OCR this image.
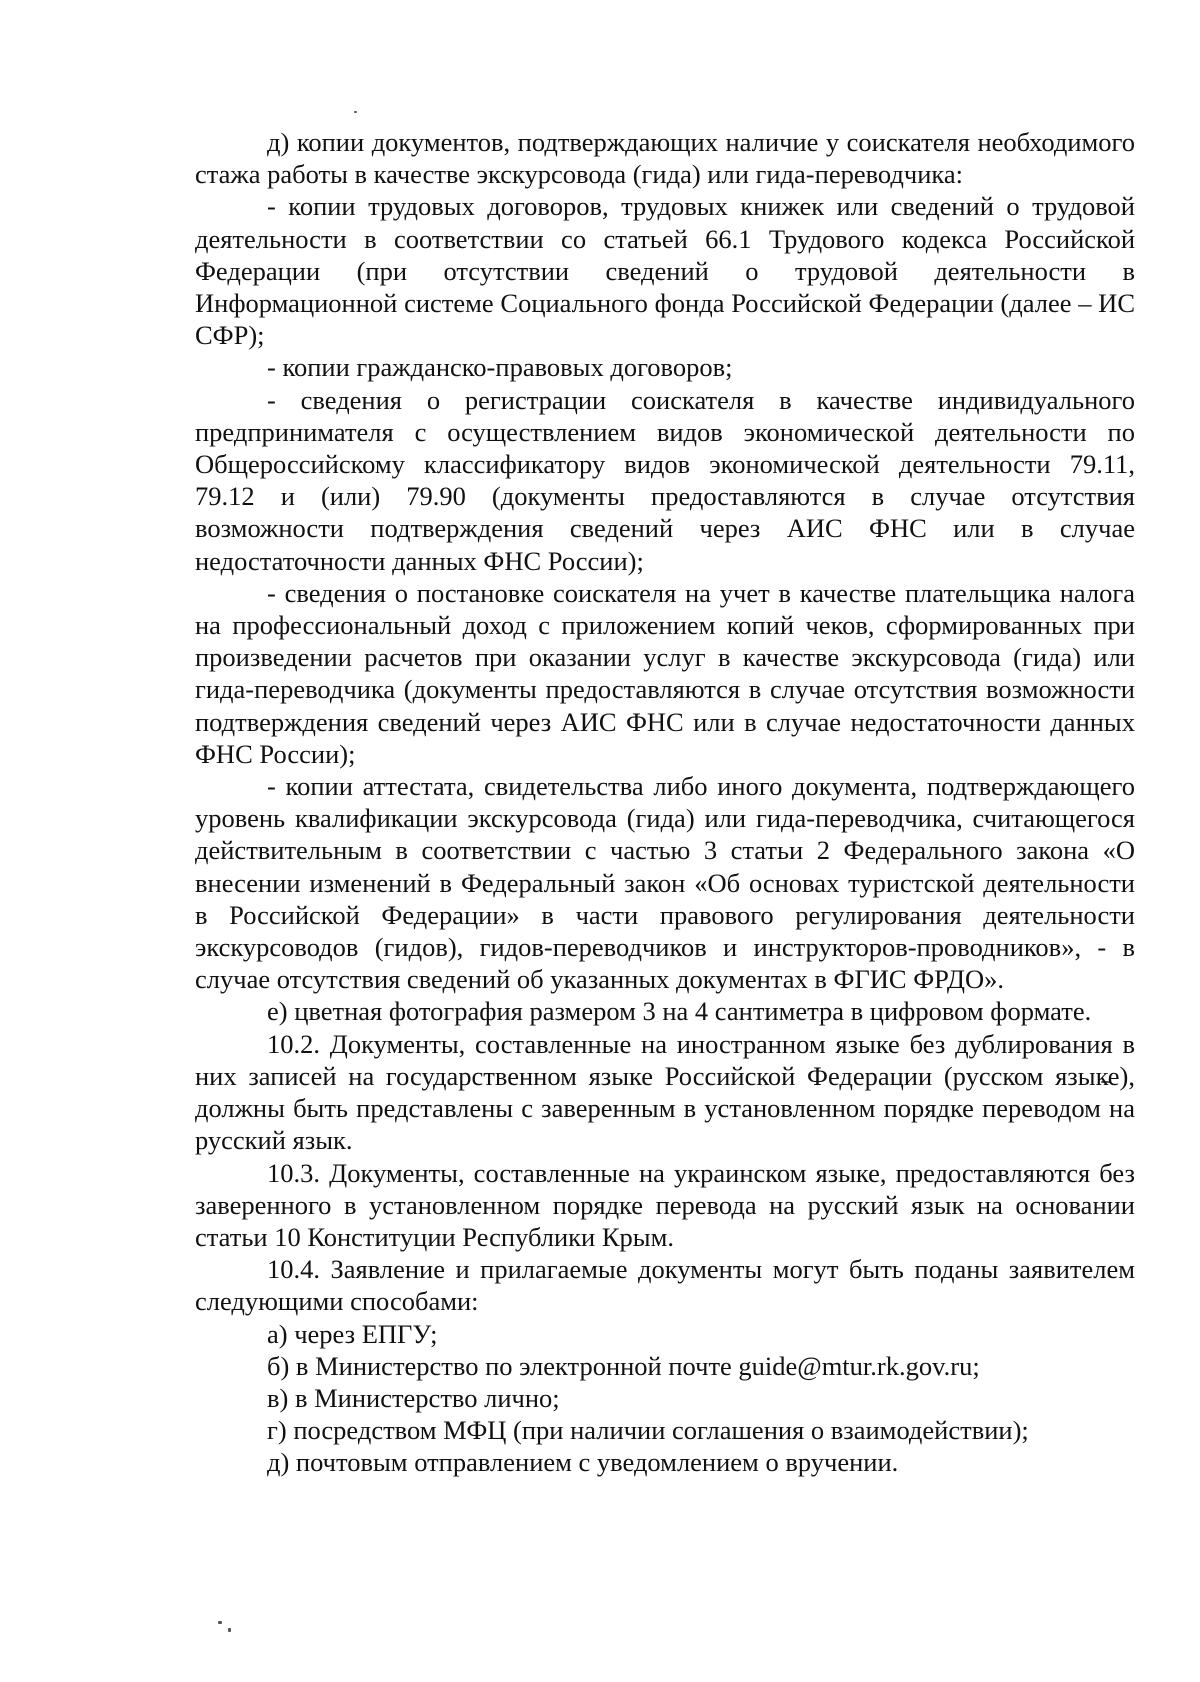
д) копии документов, подтверждающих наличие у соискателя необходимого стажа работы в качестве экскурсовода (гида) или гида-переводчика:

- копии трудовых договоров, трудовых книжек или сведений о трудовой деятельности в соответствии со статьей 66.1 Трудового кодекса Российской Федерации (при отсутствии сведений о трудовой деятельности в Информационной системе Социального фонда Российской Федерации (далее – ИС СФР);

- копии гражданско-правовых договоров;

- сведения о регистрации соискателя в качестве индивидуального предпринимателя с осуществлением видов экономической деятельности по Общероссийскому классификатору видов экономической деятельности 79.11, 79.12 и (или) 79.90 (документы предоставляются в случае отсутствия возможности подтверждения сведений через АИС ФНС или в случае недостаточности данных ФНС России);

- сведения о постановке соискателя на учет в качестве плательщика налога на профессиональный доход с приложением копий чеков, сформированных при произведении расчетов при оказании услуг в качестве экскурсовода (гида) или гида-переводчика (документы предоставляются в случае отсутствия возможности подтверждения сведений через АИС ФНС или в случае недостаточности данных ФНС России);

- копии аттестата, свидетельства либо иного документа, подтверждающего уровень квалификации экскурсовода (гида) или гида-переводчика, считающегося действительным в соответствии с частью 3 статьи 2 Федерального закона «О внесении изменений в Федеральный закон «Об основах туристской деятельности в Российской Федерации» в части правового регулирования деятельности экскурсоводов (гидов), гидов-переводчиков и инструкторов-проводников», - в случае отсутствия сведений об указанных документах в ФГИС ФРДО».

е) цветная фотография размером 3 на 4 сантиметра в цифровом формате.

10.2. Документы, составленные на иностранном языке без дублирования в них записей на государственном языке Российской Федерации (русском языке), должны быть представлены с заверенным в установленном порядке переводом на русский язык.

10.3. Документы, составленные на украинском языке, предоставляются без заверенного в установленном порядке перевода на русский язык на основании статьи 10 Конституции Республики Крым.

10.4. Заявление и прилагаемые документы могут быть поданы заявителем следующими способами:

а) через ЕПГУ;

б) в Министерство по электронной почте guide@mtur.rk.gov.ru;

в) в Министерство лично;

г) посредством МФЦ (при наличии соглашения о взаимодействии);

д) почтовым отправлением с уведомлением о вручении.
